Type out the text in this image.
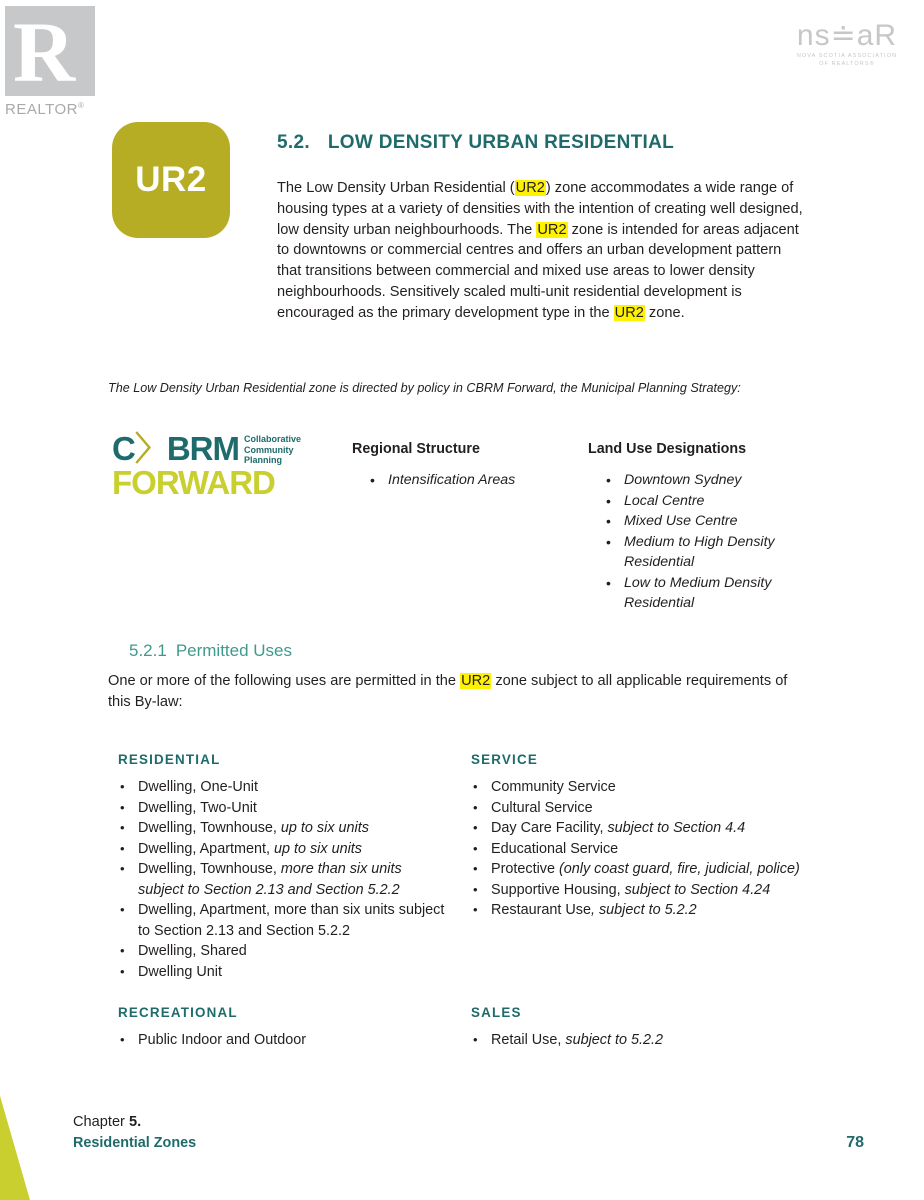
R
REALTOR®
ns≐aR
NOVA SCOTIA ASSOCIATION
OF REALTORS®
UR2
5.2. LOW DENSITY URBAN RESIDENTIAL
The Low Density Urban Residential (UR2) zone accommodates a wide range of housing types at a variety of densities with the intention of creating well designed, low density urban neighbourhoods. The UR2 zone is intended for areas adjacent to downtowns or commercial centres and offers an urban development pattern that transitions between commercial and mixed use areas to lower density neighbourhoods. Sensitively scaled multi-unit residential development is encouraged as the primary development type in the UR2 zone.
The Low Density Urban Residential zone is directed by policy in CBRM Forward, the Municipal Planning Strategy:
C〉BRM
FORWARD
Collaborative
Community
Planning
Regional Structure
• Intensification Areas
Land Use Designations
• Downtown Sydney
• Local Centre
• Mixed Use Centre
• Medium to High Density Residential
• Low to Medium Density Residential
5.2.1 Permitted Uses
One or more of the following uses are permitted in the UR2 zone subject to all applicable requirements of this By-law:
RESIDENTIAL
• Dwelling, One-Unit
• Dwelling, Two-Unit
• Dwelling, Townhouse, up to six units
• Dwelling, Apartment, up to six units
• Dwelling, Townhouse, more than six units subject to Section 2.13 and Section 5.2.2
• Dwelling, Apartment, more than six units subject to Section 2.13 and Section 5.2.2
• Dwelling, Shared
• Dwelling Unit
SERVICE
• Community Service
• Cultural Service
• Day Care Facility, subject to Section 4.4
• Educational Service
• Protective (only coast guard, fire, judicial, police)
• Supportive Housing, subject to Section 4.24
• Restaurant Use, subject to 5.2.2
RECREATIONAL
• Public Indoor and Outdoor
SALES
• Retail Use, subject to 5.2.2
Chapter 5.
Residential Zones	78
